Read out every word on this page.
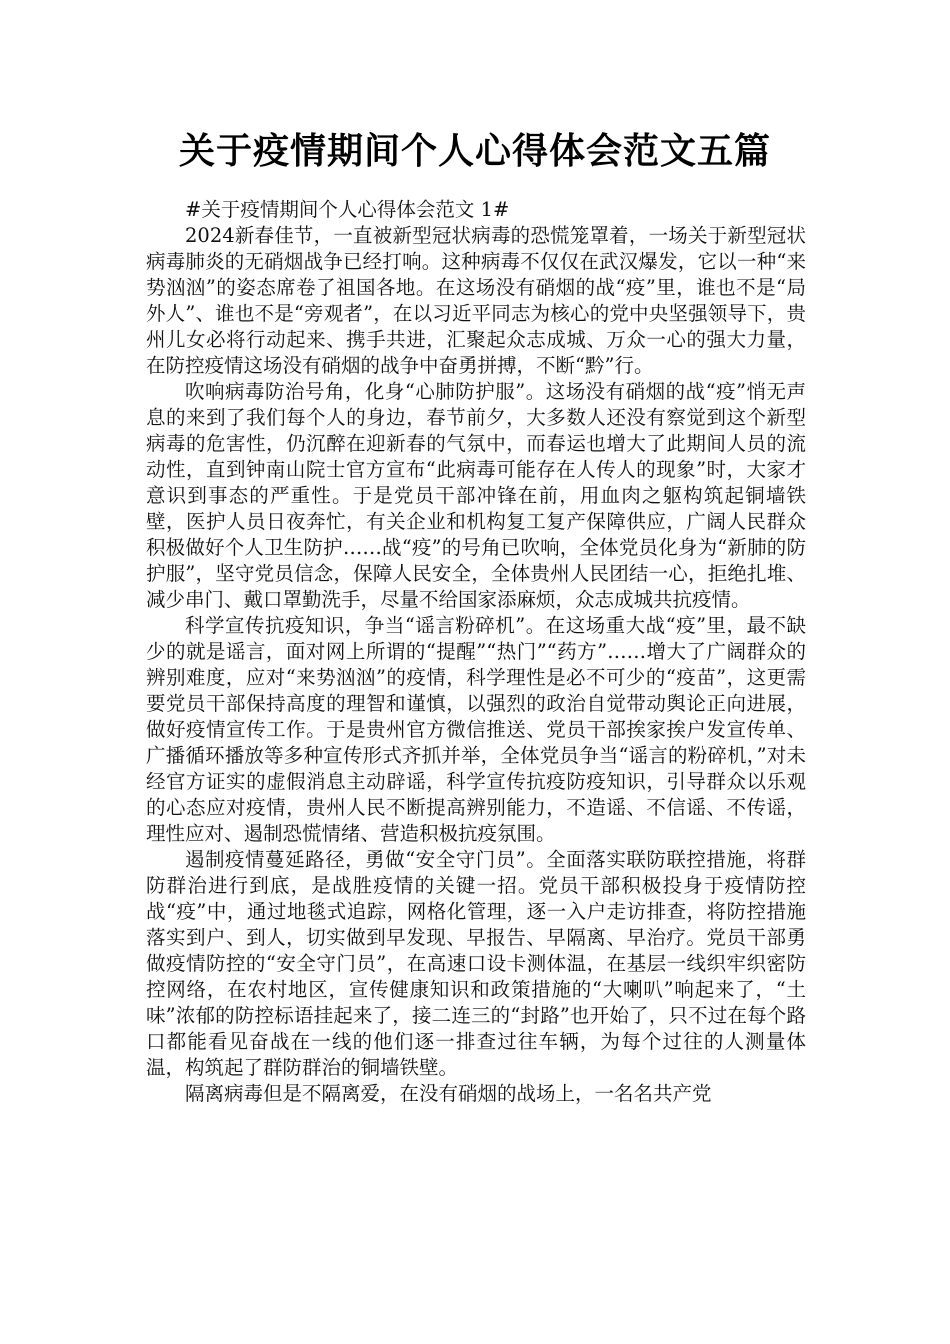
关于疫情期间个人心得体会范文五篇

#关于疫情期间个人心得体会范文 1#

2024新春佳节，一直被新型冠状病毒的恐慌笼罩着，一场关于新型冠状病毒肺炎的无硝烟战争已经打响。这种病毒不仅仅在武汉爆发，它以一种“来势汹汹”的姿态席卷了祖国各地。在这场没有硝烟的战“疫”里，谁也不是“局外人”、谁也不是“旁观者”，在以习近平同志为核心的党中央坚强领导下，贵州儿女必将行动起来、携手共进，汇聚起众志成城、万众一心的强大力量，在防控疫情这场没有硝烟的战争中奋勇拼搏，不断“黔”行。

吹响病毒防治号角，化身“心肺防护服”。这场没有硝烟的战“疫”悄无声息的来到了我们每个人的身边，春节前夕，大多数人还没有察觉到这个新型病毒的危害性，仍沉醉在迎新春的气氛中，而春运也增大了此期间人员的流动性，直到钟南山院士官方宣布“此病毒可能存在人传人的现象”时，大家才意识到事态的严重性。于是党员干部冲锋在前，用血肉之躯构筑起铜墙铁壁，医护人员日夜奔忙，有关企业和机构复工复产保障供应，广阔人民群众积极做好个人卫生防护……战“疫”的号角已吹响，全体党员化身为“新肺的防护服”，坚守党员信念，保障人民安全，全体贵州人民团结一心，拒绝扎堆、减少串门、戴口罩勤洗手，尽量不给国家添麻烦，众志成城共抗疫情。

科学宣传抗疫知识，争当“谣言粉碎机”。在这场重大战“疫”里，最不缺少的就是谣言，面对网上所谓的“提醒”“热门”“药方”……增大了广阔群众的辨别难度，应对“来势汹汹”的疫情，科学理性是必不可少的“疫苗”，这更需要党员干部保持高度的理智和谨慎，以强烈的政治自觉带动舆论正向进展，做好疫情宣传工作。于是贵州官方微信推送、党员干部挨家挨户发宣传单、广播循环播放等多种宣传形式齐抓并举，全体党员争当“谣言的粉碎机，”对未经官方证实的虚假消息主动辟谣，科学宣传抗疫防疫知识，引导群众以乐观的心态应对疫情，贵州人民不断提高辨别能力，不造谣、不信谣、不传谣，理性应对、遏制恐慌情绪、营造积极抗疫氛围。

遏制疫情蔓延路径，勇做“安全守门员”。全面落实联防联控措施，将群防群治进行到底，是战胜疫情的关键一招。党员干部积极投身于疫情防控战“疫”中，通过地毯式追踪，网格化管理，逐一入户走访排查，将防控措施落实到户、到人，切实做到早发现、早报告、早隔离、早治疗。党员干部勇做疫情防控的“安全守门员”，在高速口设卡测体温，在基层一线织牢织密防控网络，在农村地区，宣传健康知识和政策措施的“大喇叭”响起来了，“土味”浓郁的防控标语挂起来了，接二连三的“封路”也开始了，只不过在每个路口都能看见奋战在一线的他们逐一排查过往车辆，为每个过往的人测量体温，构筑起了群防群治的铜墙铁壁。

隔离病毒但是不隔离爱，在没有硝烟的战场上，一名名共产党
